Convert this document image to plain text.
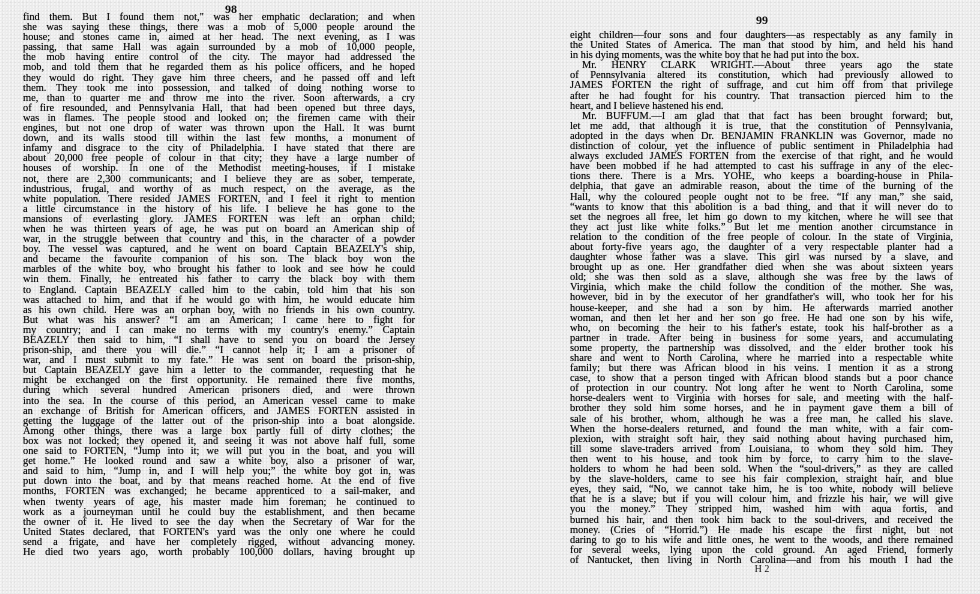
98
find them. But I found them not," was her emphatic declaration; and when
she was saying these things, there was a mob of 5,000 people around the
house; and stones came in, aimed at her head. The next evening, as I was
passing, that same Hall was again surrounded by a mob of 10,000 people,
the mob having entire control of the city. The mayor had addressed the
mob, and told them that he regarded them as his police officers, and he hoped
they would do right. They gave him three cheers, and he passed off and left
them. They took me into possession, and talked of doing nothing worse to
me, than to quarter me and throw me into the river. Soon afterwards, a cry
of fire resounded, and Pennsylvania Hall, that had been opened but three days,
was in flames. The people stood and looked on; the firemen came with their
engines, but not one drop of water was thrown upon the Hall. It was burnt
down, and its walls stood till within the last few months, a monument of
infamy and disgrace to the city of Philadelphia. I have stated that there are
about 20,000 free people of colour in that city; they have a large number of
houses of worship. In one of the Methodist meeting-houses, if I mistake
not, there are 2,300 communicants; and I believe they are as sober, temperate,
industrious, frugal, and worthy of as much respect, on the average, as the
white population. There resided JAMES FORTEN, and I feel it right to mention
a little circumstance in the history of his life. I believe he has gone to the
mansions of everlasting glory. JAMES FORTEN was left an orphan child;
when he was thirteen years of age, he was put on board an American ship of
war, in the struggle between that country and this, in the character of a powder
boy. The vessel was captured, and he went on board Captain BEAZELY's ship,
and became the favourite companion of his son. The black boy won the
marbles of the white boy, who brought his father to look and see how he could
win them. Finally, he entreated his father to carry the black boy with them
to England. Captain BEAZELY called him to the cabin, told him that his son
was attached to him, and that if he would go with him, he would educate him
as his own child. Here was an orphan boy, with no friends in his own country.
But what was his answer? “I am an American; I came here to fight for
my country; and I can make no terms with my country's enemy.” Captain
BEAZELY then said to him, “I shall have to send you on board the Jersey
prison-ship, and there you will die.” “I cannot help it; I am a prisoner of
war, and I must submit to my fate.” He was sent on board the prison-ship,
but Captain BEAZELY gave him a letter to the commander, requesting that he
might be exchanged on the first opportunity. He remained there five months,
during which several hundred American prisoners died, and were thrown
into the sea. In the course of this period, an American vessel came to make
an exchange of British for American officers, and JAMES FORTEN assisted in
getting the luggage of the latter out of the prison-ship into a boat alongside.
Among other things, there was a large box partly full of dirty clothes; the
box was not locked; they opened it, and seeing it was not above half full, some
one said to FORTEN, “Jump into it; we will put you in the boat, and you will
get home.” He looked round and saw a white boy, also a prisoner of war,
and said to him, “Jump in, and I will help you;” the white boy got in, was
put down into the boat, and by that means reached home. At the end of five
months, FORTEN was exchanged; he became apprenticed to a sail-maker, and
when twenty years of age, his master made him foreman; he continued to
work as a journeyman until he could buy the establishment, and then became
the owner of it. He lived to see the day when the Secretary of War for the
United States declared, that FORTEN's yard was the only one where he could
send a frigate, and have her completely rigged, without advancing money.
He died two years ago, worth probably 100,000 dollars, having brought up
99
eight children—four sons and four daughters—as respectably as any family in
the United States of America. The man that stood by him, and held his hand
in his dying moments, was the white boy that he had put into the box.
Mr. HENRY CLARK WRIGHT.—About three years ago the state
of Pennsylvania altered its constitution, which had previously allowed to
JAMES FORTEN the right of suffrage, and cut him off from that privilege
after he had fought for his country. That transaction pierced him to the
heart, and I believe hastened his end.
Mr. BUFFUM.—I am glad that that fact has been brought forward; but,
let me add, that although it is true, that the constitution of Pennsylvania,
adopted in the days when Dr. BENJAMIN FRANKLIN was Governor, made no
distinction of colour, yet the influence of public sentiment in Philadelphia had
always excluded JAMES FORTEN from the exercise of that right, and he would
have been mobbed if he had attempted to cast his suffrage in any of the elec-
tions there. There is a Mrs. YOHE, who keeps a boarding-house in Phila-
delphia, that gave an admirable reason, about the time of the burning of the
Hall, why the coloured people ought not to be free. “If any man,” she said,
“wants to know that this abolition is a bad thing, and that it will never do to
set the negroes all free, let him go down to my kitchen, where he will see that
they act just like white folks.” But let me mention another circumstance in
relation to the condition of the free people of colour. In the state of Virginia,
about forty-five years ago, the daughter of a very respectable planter had a
daughter whose father was a slave. This girl was nursed by a slave, and
brought up as one. Her grandfather died when she was about sixteen years
old; she was then sold as a slave, although she was free by the laws of
Virginia, which make the child follow the condition of the mother. She was,
however, bid in by the executor of her grandfather's will, who took her for his
house-keeper, and she had a son by him. He afterwards married another
woman, and then let her and her son go free. He had one son by his wife,
who, on becoming the heir to his father's estate, took his half-brother as a
partner in trade. After being in business for some years, and accumulating
some property, the partnership was dissolved, and the elder brother took his
share and went to North Carolina, where he married into a respectable white
family; but there was African blood in his veins. I mention it as a strong
case, to show that a person tinged with African blood stands but a poor chance
of protection in our country. Not long after he went to North Carolina, some
horse-dealers went to Virginia with horses for sale, and meeting with the half-
brother they sold him some horses, and he in payment gave them a bill of
sale of his brother, whom, although he was a free man, he called his slave.
When the horse-dealers returned, and found the man white, with a fair com-
plexion, with straight soft hair, they said nothing about having purchased him,
till some slave-traders arrived from Louisiana, to whom they sold him. They
then went to his house, and took him by force, to carry him to the slave-
holders to whom he had been sold. When the “soul-drivers,” as they are called
by the slave-holders, came to see his fair complexion, straight hair, and blue
eyes, they said, “No, we cannot take him, he is too white, nobody will believe
that he is a slave; but if you will colour him, and frizzle his hair, we will give
you the money.” They stripped him, washed him with aqua fortis, and
burned his hair, and then took him back to the soul-drivers, and received the
money. (Cries of “Horrid.”) He made his escape the first night, but not
daring to go to his wife and little ones, he went to the woods, and there remained
for several weeks, lying upon the cold ground. An aged Friend, formerly
of Nantucket, then living in North Carolina—and from his mouth I had the
H 2
